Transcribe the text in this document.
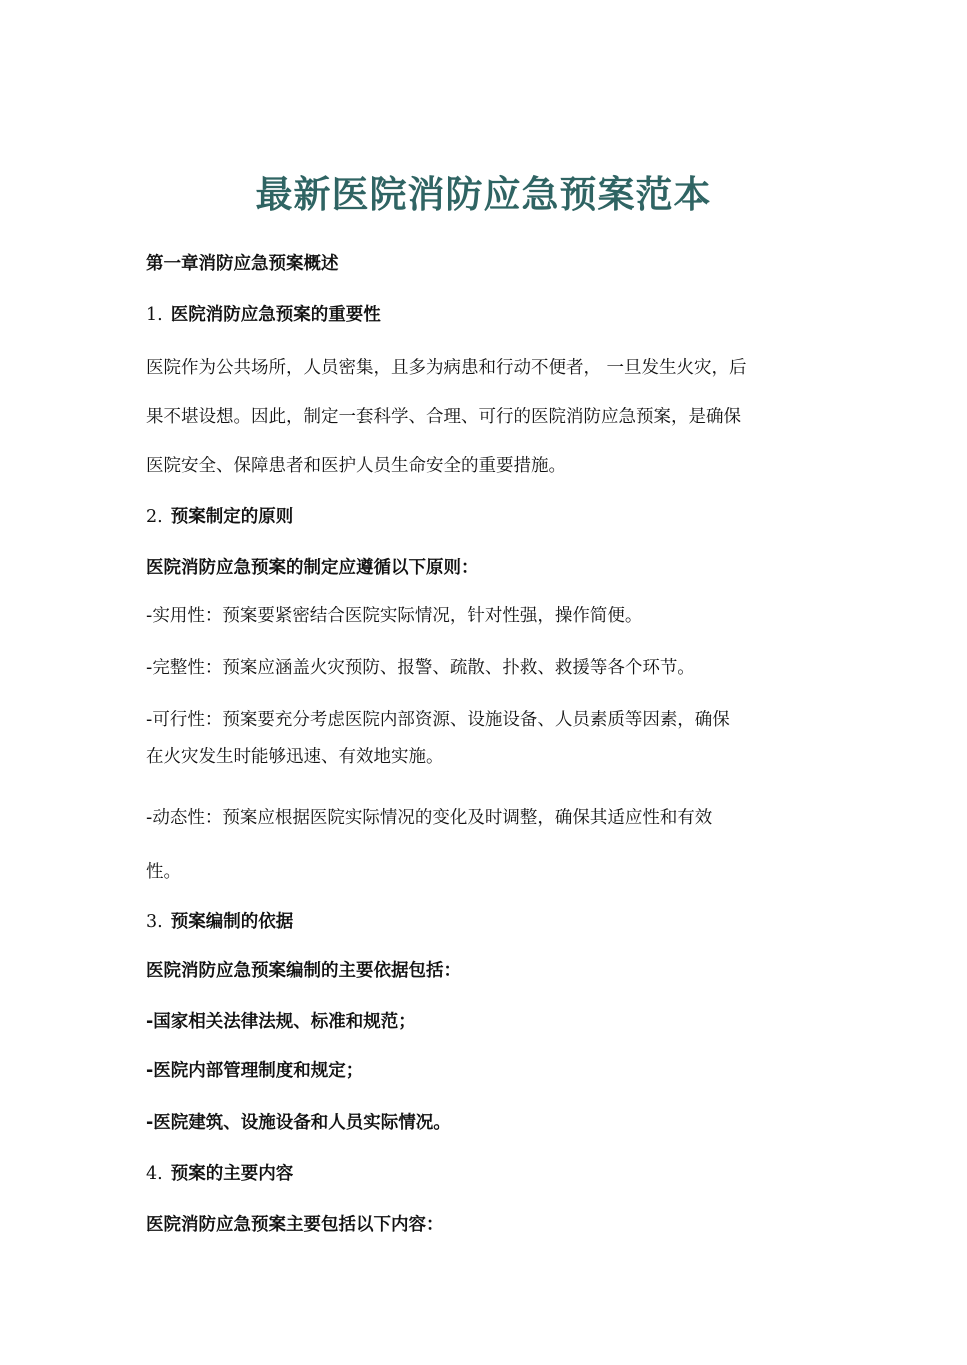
最新医院消防应急预案范本
第一章消防应急预案概述
1. 医院消防应急预案的重要性
医院作为公共场所，人员密集，且多为病患和行动不便者， 一旦发生火灾，后
果不堪设想。因此，制定一套科学、合理、可行的医院消防应急预案，是确保
医院安全、保障患者和医护人员生命安全的重要措施。
2. 预案制定的原则
医院消防应急预案的制定应遵循以下原则：
-实用性：预案要紧密结合医院实际情况，针对性强，操作简便。
-完整性：预案应涵盖火灾预防、报警、疏散、扑救、救援等各个环节。
-可行性：预案要充分考虑医院内部资源、设施设备、人员素质等因素，确保
在火灾发生时能够迅速、有效地实施。
-动态性：预案应根据医院实际情况的变化及时调整，确保其适应性和有效
性。
3. 预案编制的依据
医院消防应急预案编制的主要依据包括：
-国家相关法律法规、标准和规范；
-医院内部管理制度和规定；
-医院建筑、设施设备和人员实际情况。
4. 预案的主要内容
医院消防应急预案主要包括以下内容：
